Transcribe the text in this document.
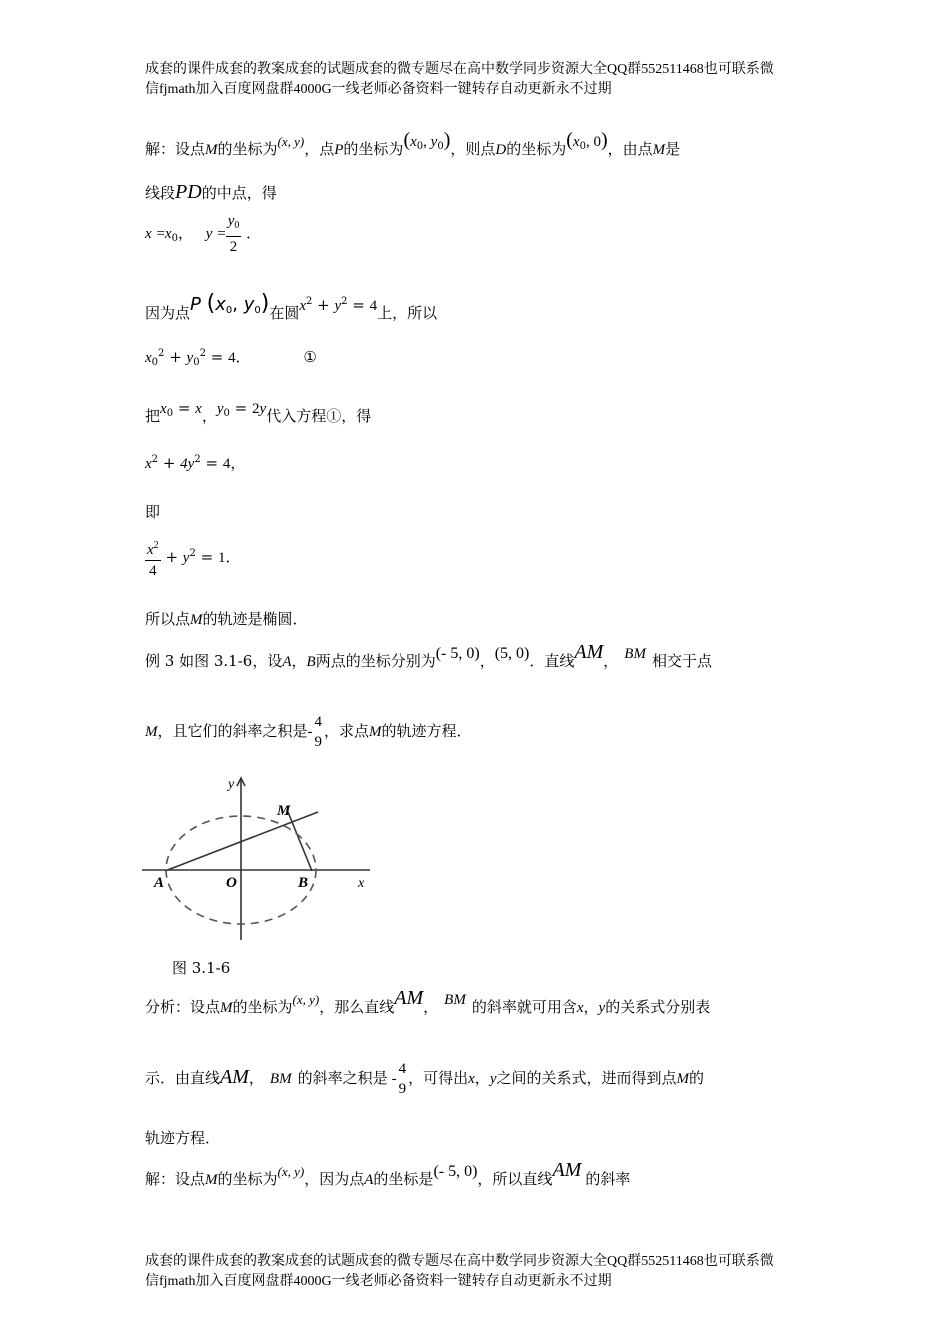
成套的课件成套的教案成套的试题成套的微专题尽在高中数学同步资源大全QQ群552511468也可联系微
信fjmath加入百度网盘群4000G一线老师必备资料一键转存自动更新永不过期
解：设点M的坐标为(x, y)，点P的坐标为($x_0$, $y_0$)，则点D的坐标为($x_0$, 0)，由点M是
线段PD的中点，得
$x =x_0$， $y = \frac{y_0}{2}$ ．
因为点P ($x_0$, $y_0$)在圆$x^2 + y^2 = 4$上，所以
$x_0^2 + y_0^2 = 4$．	①
把$x_0 = x$，$y_0 = 2y$代入方程①，得
$x^2 + 4y^2 = 4$，
即
$\frac{x^2}{4} + y^2 = 1$．
所以点M的轨迹是椭圆．
例 3 如图 3.1-6，设A，B两点的坐标分别为(- 5, 0)，(5, 0)．直线AM， BM 相交于点
M，且它们的斜率之积是-
4
9
，求点M的轨迹方程．
y
M
A	O	B	x
图 3.1-6
分析：设点M的坐标为(x, y)，那么直线AM， BM 的斜率就可用含x，y的关系式分别表
示．由直线AM， BM 的斜率之积是 -
4
9
，可得出x，y之间的关系式，进而得到点M的
轨迹方程．
解：设点M的坐标为(x, y)，因为点A的坐标是(- 5, 0)，所以直线AM 的斜率
成套的课件成套的教案成套的试题成套的微专题尽在高中数学同步资源大全QQ群552511468也可联系微
信fjmath加入百度网盘群4000G一线老师必备资料一键转存自动更新永不过期
